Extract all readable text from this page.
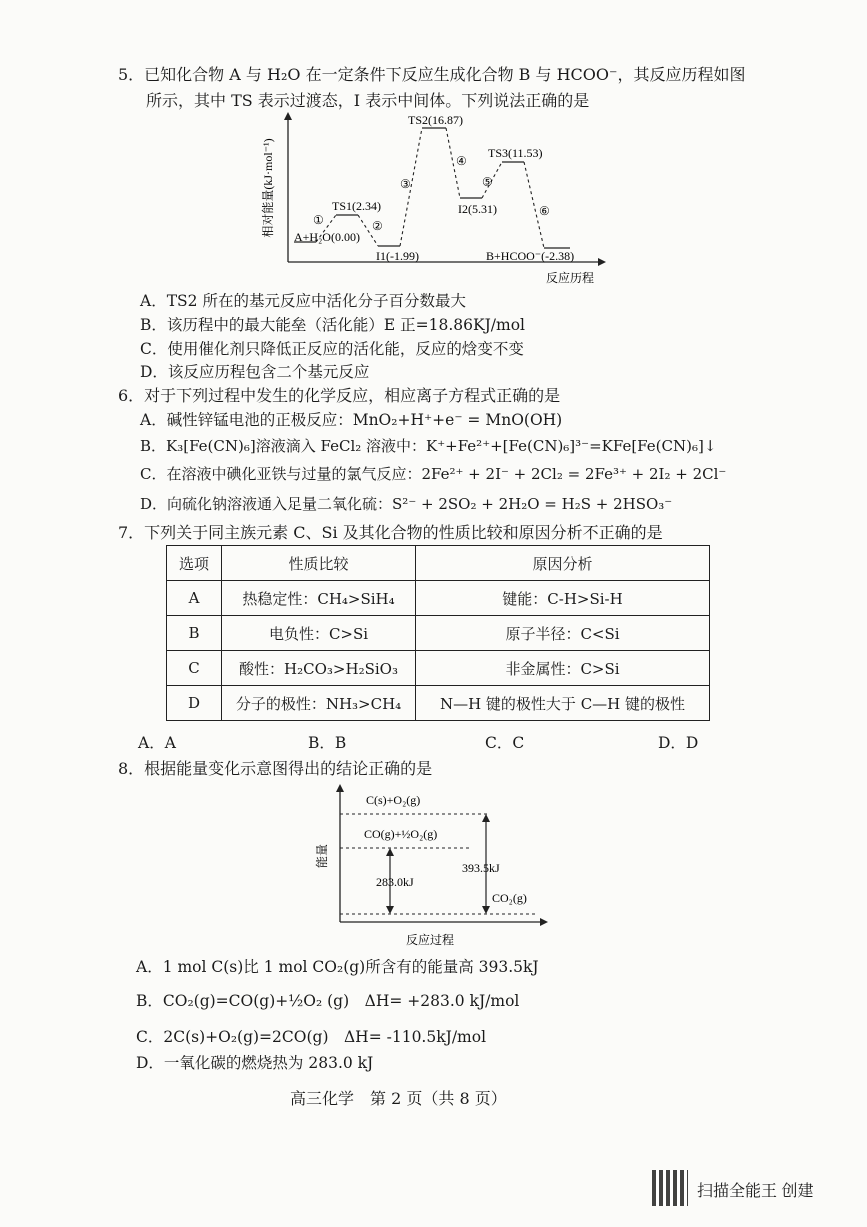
5．已知化合物 A 与 H₂O 在一定条件下反应生成化合物 B 与 HCOO⁻，其反应历程如图
所示，其中 TS 表示过渡态，I 表示中间体。下列说法正确的是
相对能量(kJ·mol⁻¹) A+H₂O(0.00)
TS1(2.34)
I1(-1.99)
TS2(16.87)
I2(5.31)
TS3(11.53)
B+HCOO⁻(-2.38)
①	②
③
④
⑤
⑥
反应历程
A．TS2 所在的基元反应中活化分子百分数最大
B．该历程中的最大能垒（活化能）E 正=18.86KJ/mol
C．使用催化剂只降低正反应的活化能，反应的焓变不变
D．该反应历程包含二个基元反应
6．对于下列过程中发生的化学反应，相应离子方程式正确的是
A．碱性锌锰电池的正极反应：MnO₂+H⁺+e⁻ = MnO(OH)
B．K₃[Fe(CN)₆]溶液滴入 FeCl₂ 溶液中：K⁺+Fe²⁺+[Fe(CN)₆]³⁻=KFe[Fe(CN)₆]↓
C．在溶液中碘化亚铁与过量的氯气反应：2Fe²⁺ + 2I⁻ + 2Cl₂ = 2Fe³⁺ + 2I₂ + 2Cl⁻
D．向硫化钠溶液通入足量二氧化硫：S²⁻ + 2SO₂ + 2H₂O = H₂S + 2HSO₃⁻
7．下列关于同主族元素 C、Si 及其化合物的性质比较和原因分析不正确的是
选项	性质比较	原因分析
A	热稳定性：CH₄>SiH₄	键能：C-H>Si-H
B	电负性：C>Si	原子半径：C<Si
C	酸性：H₂CO₃>H₂SiO₃	非金属性：C>Si
D	分子的极性：NH₃>CH₄	N—H 键的极性大于 C—H 键的极性
A．A	B．B	C．C	D．D
8．根据能量变化示意图得出的结论正确的是
C(s)+O₂(g)
CO(g)+½O₂(g)
CO₂(g)
283.0kJ
393.5kJ
能量
反应过程
A．1 mol C(s)比 1 mol CO₂(g)所含有的能量高 393.5kJ
B．CO₂(g)=CO(g)+½O₂ (g)　ΔH= +283.0 kJ/mol
C．2C(s)+O₂(g)=2CO(g)　ΔH= -110.5kJ/mol
D．一氧化碳的燃烧热为 283.0 kJ
高三化学　第 2 页（共 8 页）
扫描全能王 创建
